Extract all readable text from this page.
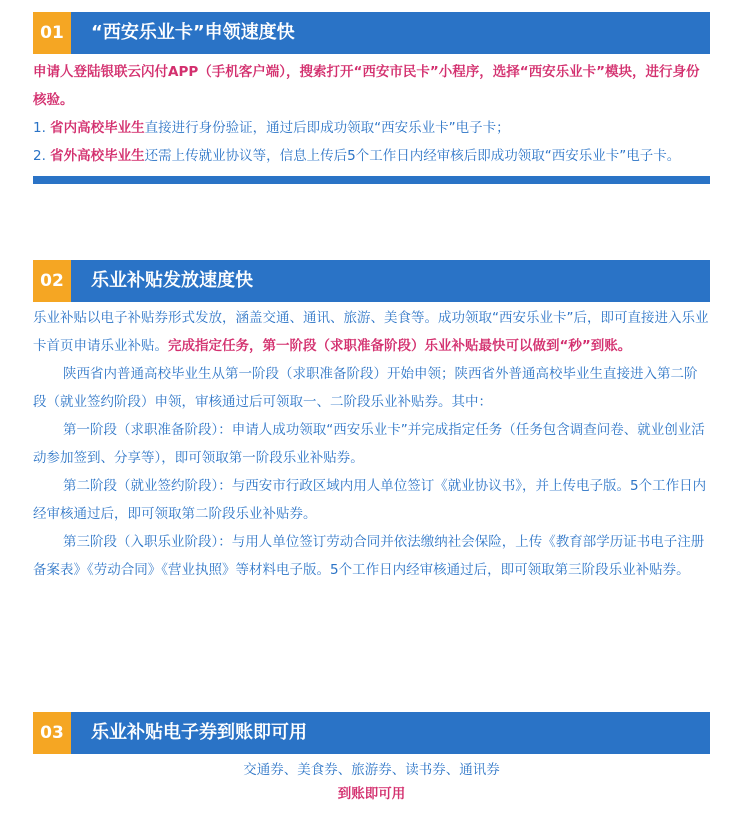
01	“西安乐业卡”申领速度快

申请人登陆银联云闪付APP（手机客户端），搜索打开“西安市民卡”小程序，选择“西安乐业卡”模块，进行身份核验。

1. 省内高校毕业生直接进行身份验证，通过后即成功领取“西安乐业卡”电子卡；

2. 省外高校毕业生还需上传就业协议等，信息上传后5个工作日内经审核后即成功领取“西安乐业卡”电子卡。

02	乐业补贴发放速度快

乐业补贴以电子补贴券形式发放，涵盖交通、通讯、旅游、美食等。成功领取“西安乐业卡”后，即可直接进入乐业卡首页申请乐业补贴。完成指定任务，第一阶段（求职准备阶段）乐业补贴最快可以做到“秒”到账。

陕西省内普通高校毕业生从第一阶段（求职准备阶段）开始申领；陕西省外普通高校毕业生直接进入第二阶段（就业签约阶段）申领，审核通过后可领取一、二阶段乐业补贴券。其中：

第一阶段（求职准备阶段）：申请人成功领取“西安乐业卡”并完成指定任务（任务包含调查问卷、就业创业活动参加签到、分享等），即可领取第一阶段乐业补贴券。

第二阶段（就业签约阶段）：与西安市行政区域内用人单位签订《就业协议书》，并上传电子版。5个工作日内经审核通过后，即可领取第二阶段乐业补贴券。

第三阶段（入职乐业阶段）：与用人单位签订劳动合同并依法缴纳社会保险，上传《教育部学历证书电子注册备案表》《劳动合同》《营业执照》等材料电子版。5个工作日内经审核通过后，即可领取第三阶段乐业补贴券。

03	乐业补贴电子券到账即可用

交通券、美食券、旅游券、读书券、通讯券

到账即可用
